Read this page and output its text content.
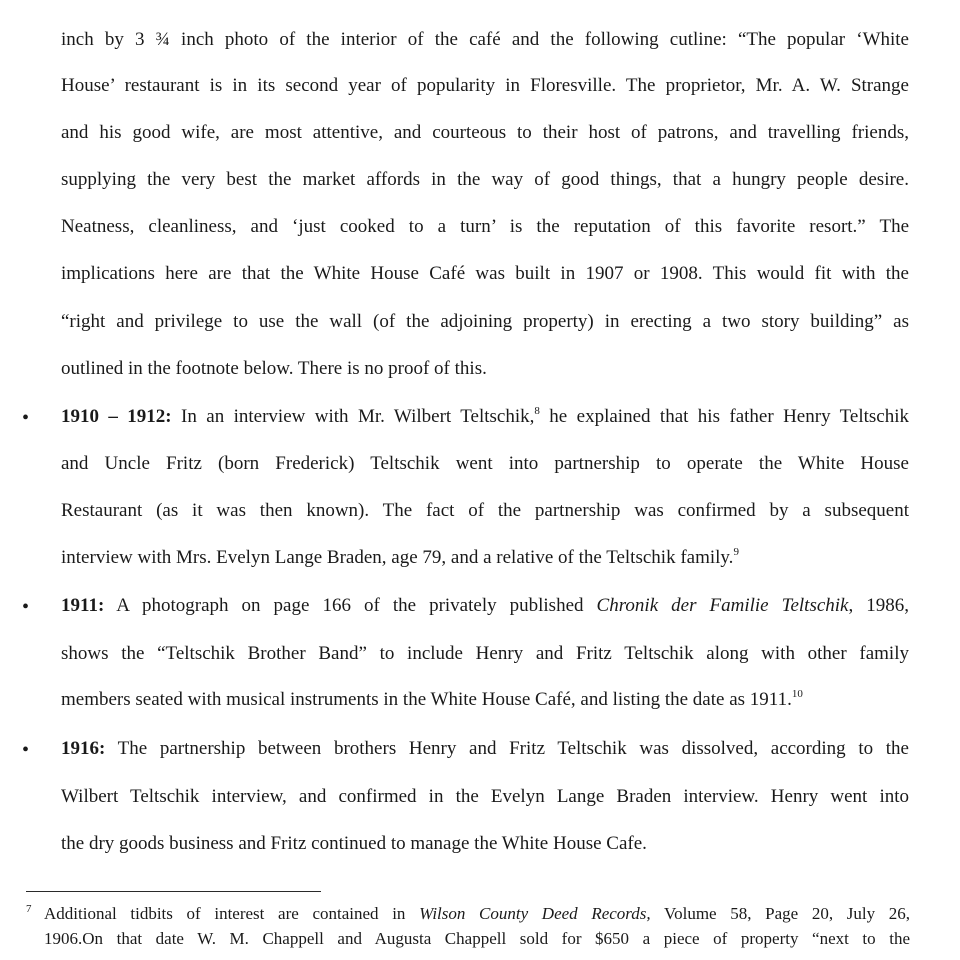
inch by 3 ¾ inch photo of the interior of the café and the following cutline: “The popular ‘White

House’ restaurant is in its second year of popularity in Floresville. The proprietor, Mr. A. W. Strange

and his good wife, are most attentive, and courteous to their host of patrons, and travelling friends,

supplying the very best the market affords in the way of good things, that a hungry people desire.

Neatness, cleanliness, and ‘just cooked to a turn’ is the reputation of this favorite resort.” The

implications here are that the White House Café was built in 1907 or 1908. This would fit with the

“right and privilege to use the wall (of the adjoining property) in erecting a two story building” as

outlined in the footnote below. There is no proof of this.

• 1910 – 1912: In an interview with Mr. Wilbert Teltschik,$^8$ he explained that his father Henry Teltschik

and Uncle Fritz (born Frederick) Teltschik went into partnership to operate the White House

Restaurant (as it was then known). The fact of the partnership was confirmed by a subsequent

interview with Mrs. Evelyn Lange Braden, age 79, and a relative of the Teltschik family.$^9$

• 1911: A photograph on page 166 of the privately published Chronik der Familie Teltschik, 1986,

shows the “Teltschik Brother Band” to include Henry and Fritz Teltschik along with other family

members seated with musical instruments in the White House Café, and listing the date as 1911.10

• 1916: The partnership between brothers Henry and Fritz Teltschik was dissolved, according to the

Wilbert Teltschik interview, and confirmed in the Evelyn Lange Braden interview. Henry went into

the dry goods business and Fritz continued to manage the White House Cafe.

7 Additional tidbits of interest are contained in Wilson County Deed Records, Volume 58, Page 20, July 26,

1906.On that date W. M. Chappell and Augusta Chappell sold for $650 a piece of property “next to the
